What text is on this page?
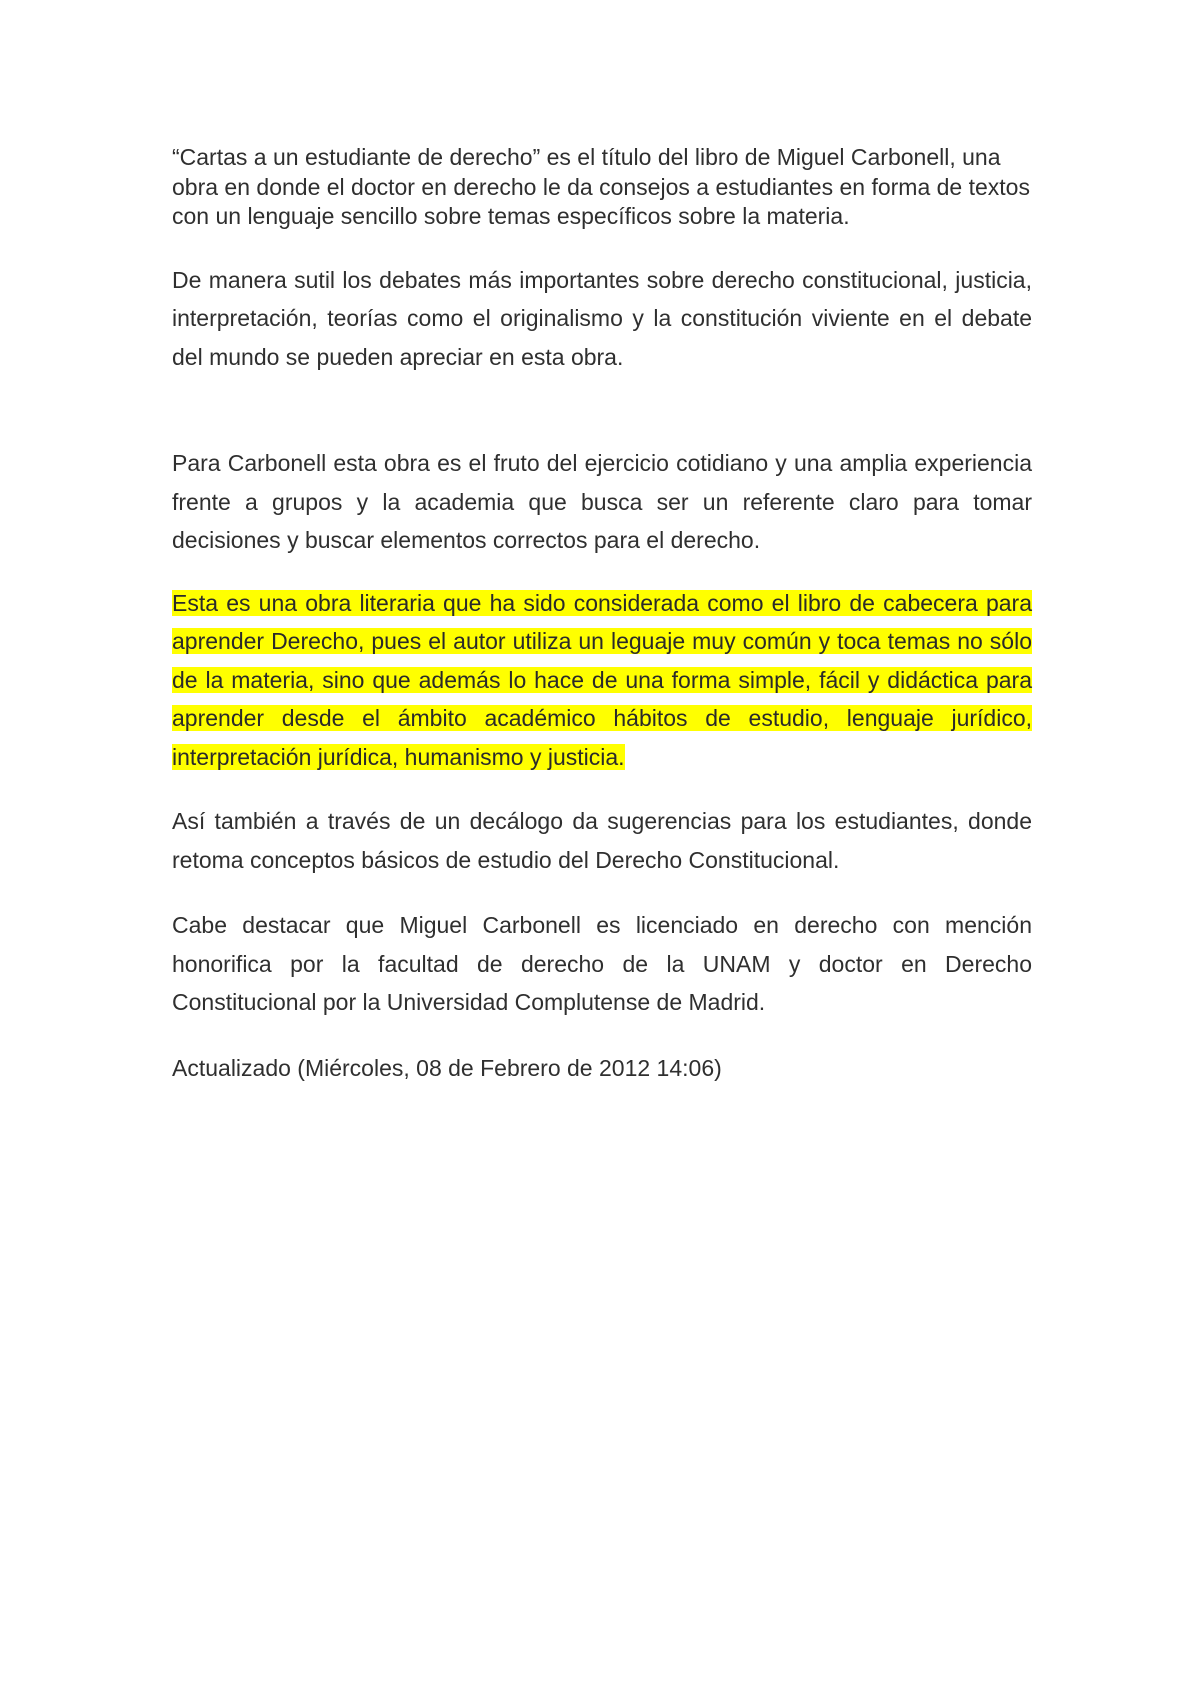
“Cartas a un estudiante de derecho” es el título del libro de Miguel Carbonell, una obra en donde el doctor en derecho le da consejos a estudiantes en forma de textos con un lenguaje sencillo sobre temas específicos sobre la materia.

De manera sutil los debates más importantes sobre derecho constitucional, justicia, interpretación, teorías como el originalismo y la constitución viviente en el debate del mundo se pueden apreciar en esta obra.

Para Carbonell esta obra es el fruto del ejercicio cotidiano y una amplia experiencia frente a grupos y la academia que busca ser un referente claro para tomar decisiones y buscar elementos correctos para el derecho.

Esta es una obra literaria que ha sido considerada como el libro de cabecera para aprender Derecho, pues el autor utiliza un leguaje muy común y toca temas no sólo de la materia, sino que además lo hace de una forma simple, fácil y didáctica para aprender desde el ámbito académico hábitos de estudio, lenguaje jurídico, interpretación jurídica, humanismo y justicia.

Así también a través de un decálogo da sugerencias para los estudiantes, donde retoma conceptos básicos de estudio del Derecho Constitucional.

Cabe destacar que Miguel Carbonell es licenciado en derecho con mención honorifica por la facultad de derecho de la UNAM y doctor en Derecho Constitucional por la Universidad Complutense de Madrid.

Actualizado (Miércoles, 08 de Febrero de 2012 14:06)
